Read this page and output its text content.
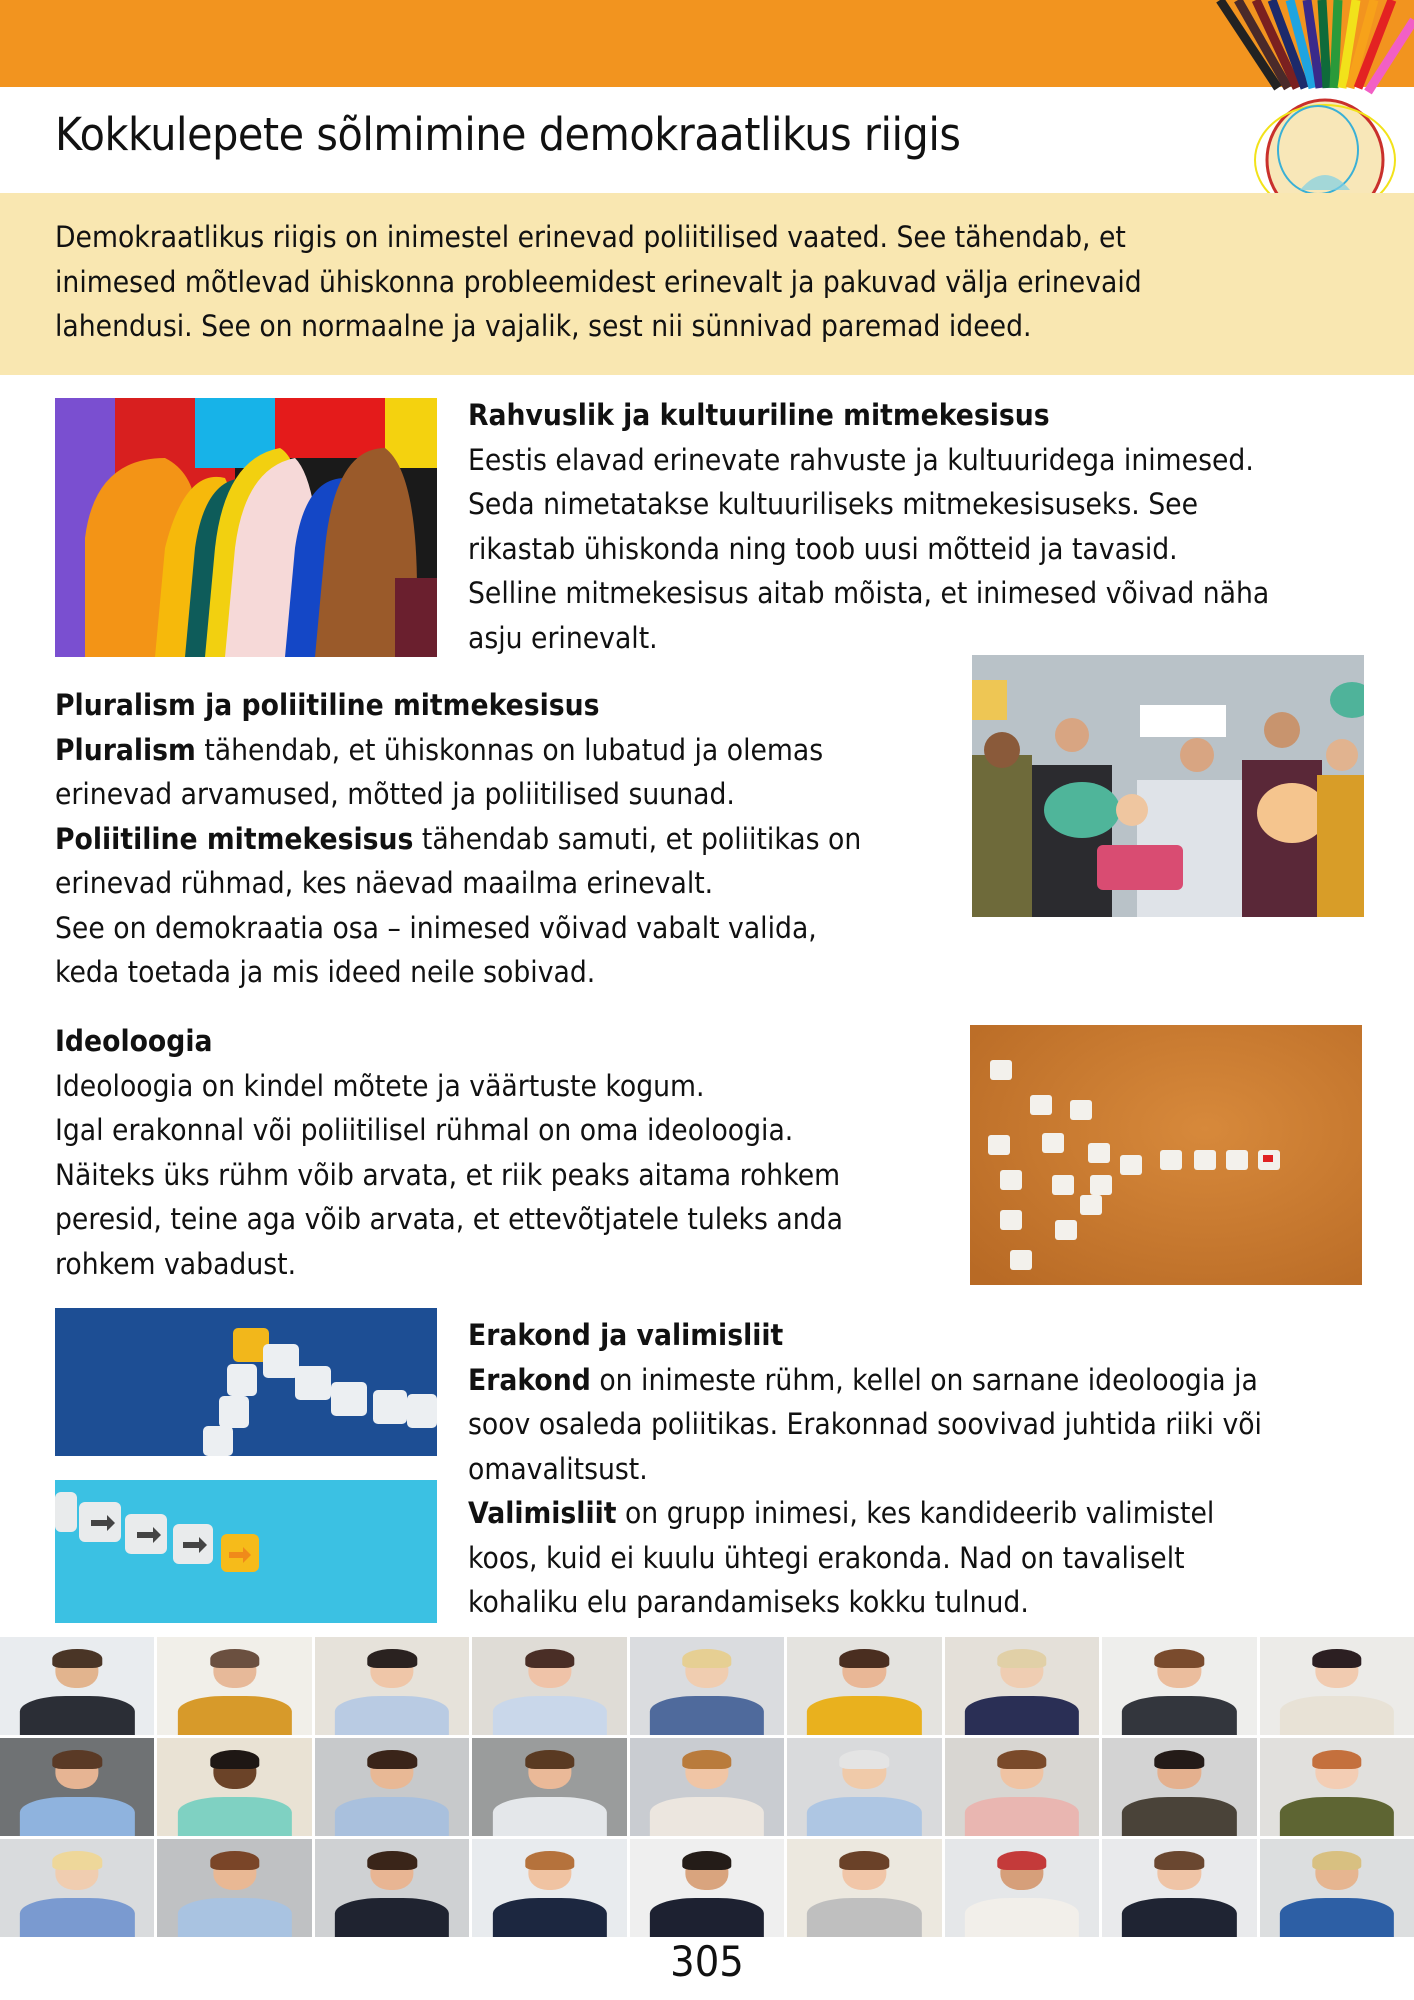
Kokkulepete sõlmimine demokraatlikus riigis

Demokraatlikus riigis on inimestel erinevad poliitilised vaated. See tähendab, et
inimesed mõtlevad ühiskonna probleemidest erinevalt ja pakuvad välja erinevaid
lahendusi. See on normaalne ja vajalik, sest nii sünnivad paremad ideed.

Rahvuslik ja kultuuriline mitmekesisus
Eestis elavad erinevate rahvuste ja kultuuridega inimesed.
Seda nimetatakse kultuuriliseks mitmekesisuseks. See
rikastab ühiskonda ning toob uusi mõtteid ja tavasid.
Selline mitmekesisus aitab mõista, et inimesed võivad näha
asju erinevalt.
Pluralism ja poliitiline mitmekesisus
Pluralism tähendab, et ühiskonnas on lubatud ja olemas
erinevad arvamused, mõtted ja poliitilised suunad.
Poliitiline mitmekesisus tähendab samuti, et poliitikas on
erinevad rühmad, kes näevad maailma erinevalt.
See on demokraatia osa – inimesed võivad vabalt valida,
keda toetada ja mis ideed neile sobivad.
Ideoloogia
Ideoloogia on kindel mõtete ja väärtuste kogum.
Igal erakonnal või poliitilisel rühmal on oma ideoloogia.
Näiteks üks rühm võib arvata, et riik peaks aitama rohkem
peresid, teine aga võib arvata, et ettevõtjatele tuleks anda
rohkem vabadust.
Erakond ja valimisliit
Erakond on inimeste rühm, kellel on sarnane ideoloogia ja
soov osaleda poliitikas. Erakonnad soovivad juhtida riiki või
omavalitsust.
Valimisliit on grupp inimesi, kes kandideerib valimistel
koos, kuid ei kuulu ühtegi erakonda. Nad on tavaliselt
kohaliku elu parandamiseks kokku tulnud.

305
